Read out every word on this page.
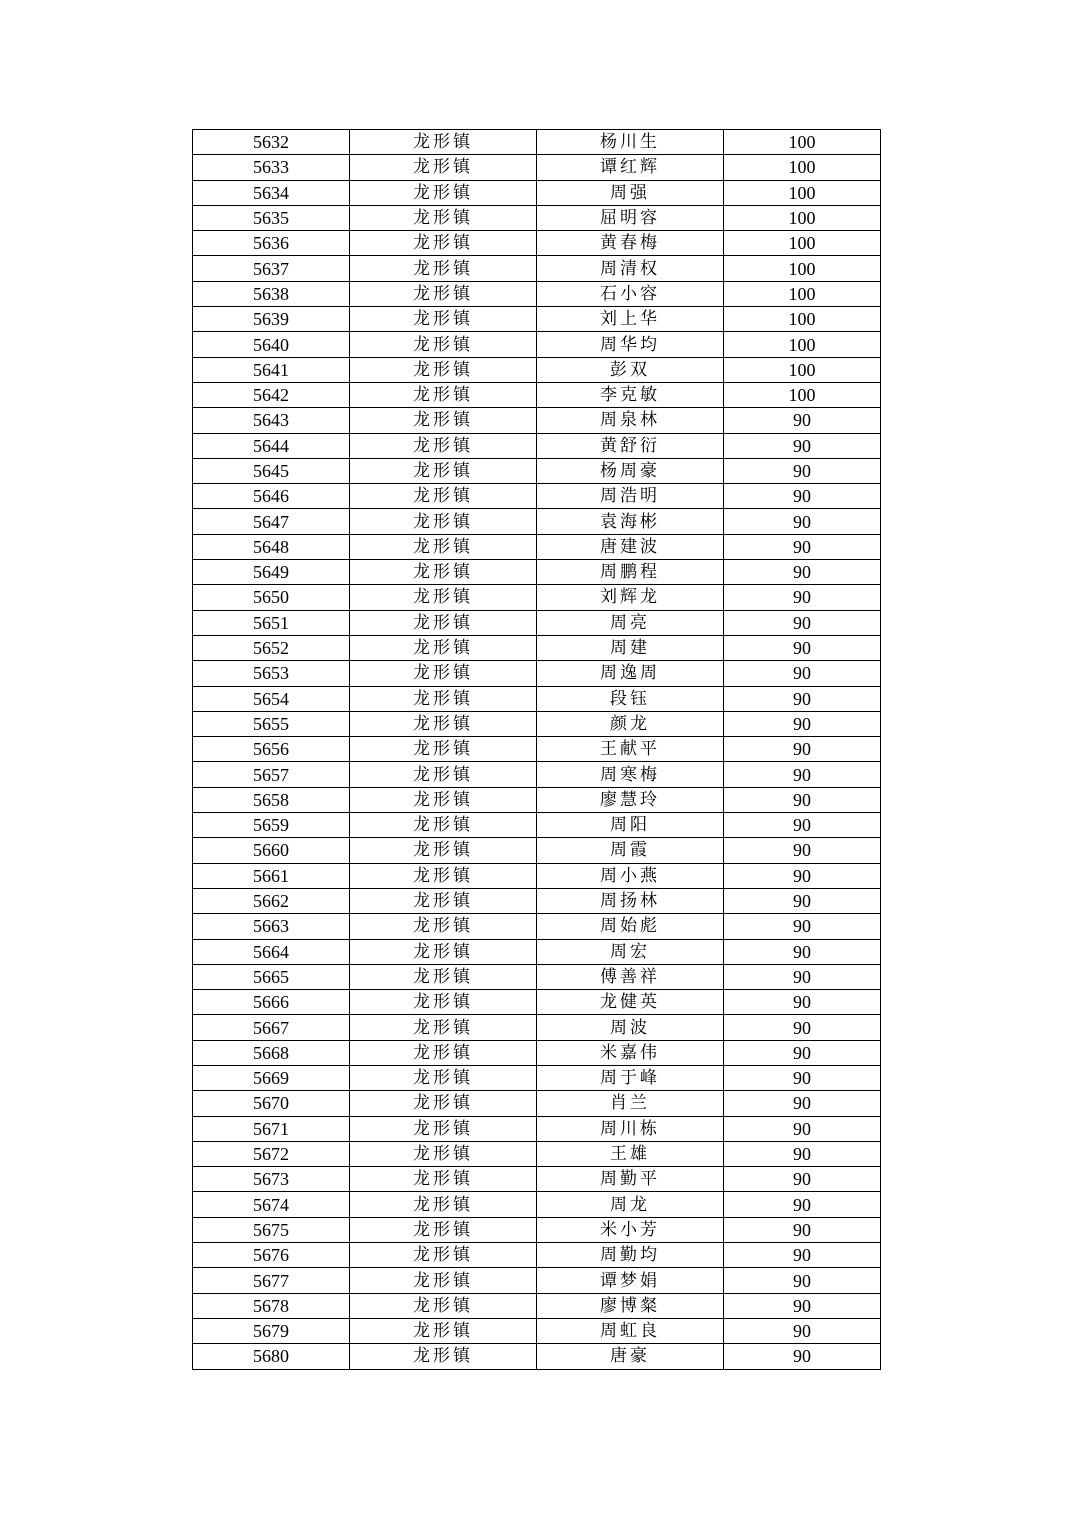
5632	龙形镇	杨川生	100
5633	龙形镇	谭红辉	100
5634	龙形镇	周强	100
5635	龙形镇	屈明容	100
5636	龙形镇	黄春梅	100
5637	龙形镇	周清权	100
5638	龙形镇	石小容	100
5639	龙形镇	刘上华	100
5640	龙形镇	周华均	100
5641	龙形镇	彭双	100
5642	龙形镇	李克敏	100
5643	龙形镇	周泉林	90
5644	龙形镇	黄舒衍	90
5645	龙形镇	杨周豪	90
5646	龙形镇	周浩明	90
5647	龙形镇	袁海彬	90
5648	龙形镇	唐建波	90
5649	龙形镇	周鹏程	90
5650	龙形镇	刘辉龙	90
5651	龙形镇	周亮	90
5652	龙形镇	周建	90
5653	龙形镇	周逸周	90
5654	龙形镇	段钰	90
5655	龙形镇	颜龙	90
5656	龙形镇	王献平	90
5657	龙形镇	周寒梅	90
5658	龙形镇	廖慧玲	90
5659	龙形镇	周阳	90
5660	龙形镇	周霞	90
5661	龙形镇	周小燕	90
5662	龙形镇	周扬林	90
5663	龙形镇	周始彪	90
5664	龙形镇	周宏	90
5665	龙形镇	傅善祥	90
5666	龙形镇	龙健英	90
5667	龙形镇	周波	90
5668	龙形镇	米嘉伟	90
5669	龙形镇	周于峰	90
5670	龙形镇	肖兰	90
5671	龙形镇	周川栋	90
5672	龙形镇	王雄	90
5673	龙形镇	周勤平	90
5674	龙形镇	周龙	90
5675	龙形镇	米小芳	90
5676	龙形镇	周勤均	90
5677	龙形镇	谭梦娟	90
5678	龙形镇	廖博粲	90
5679	龙形镇	周虹良	90
5680	龙形镇	唐豪	90
